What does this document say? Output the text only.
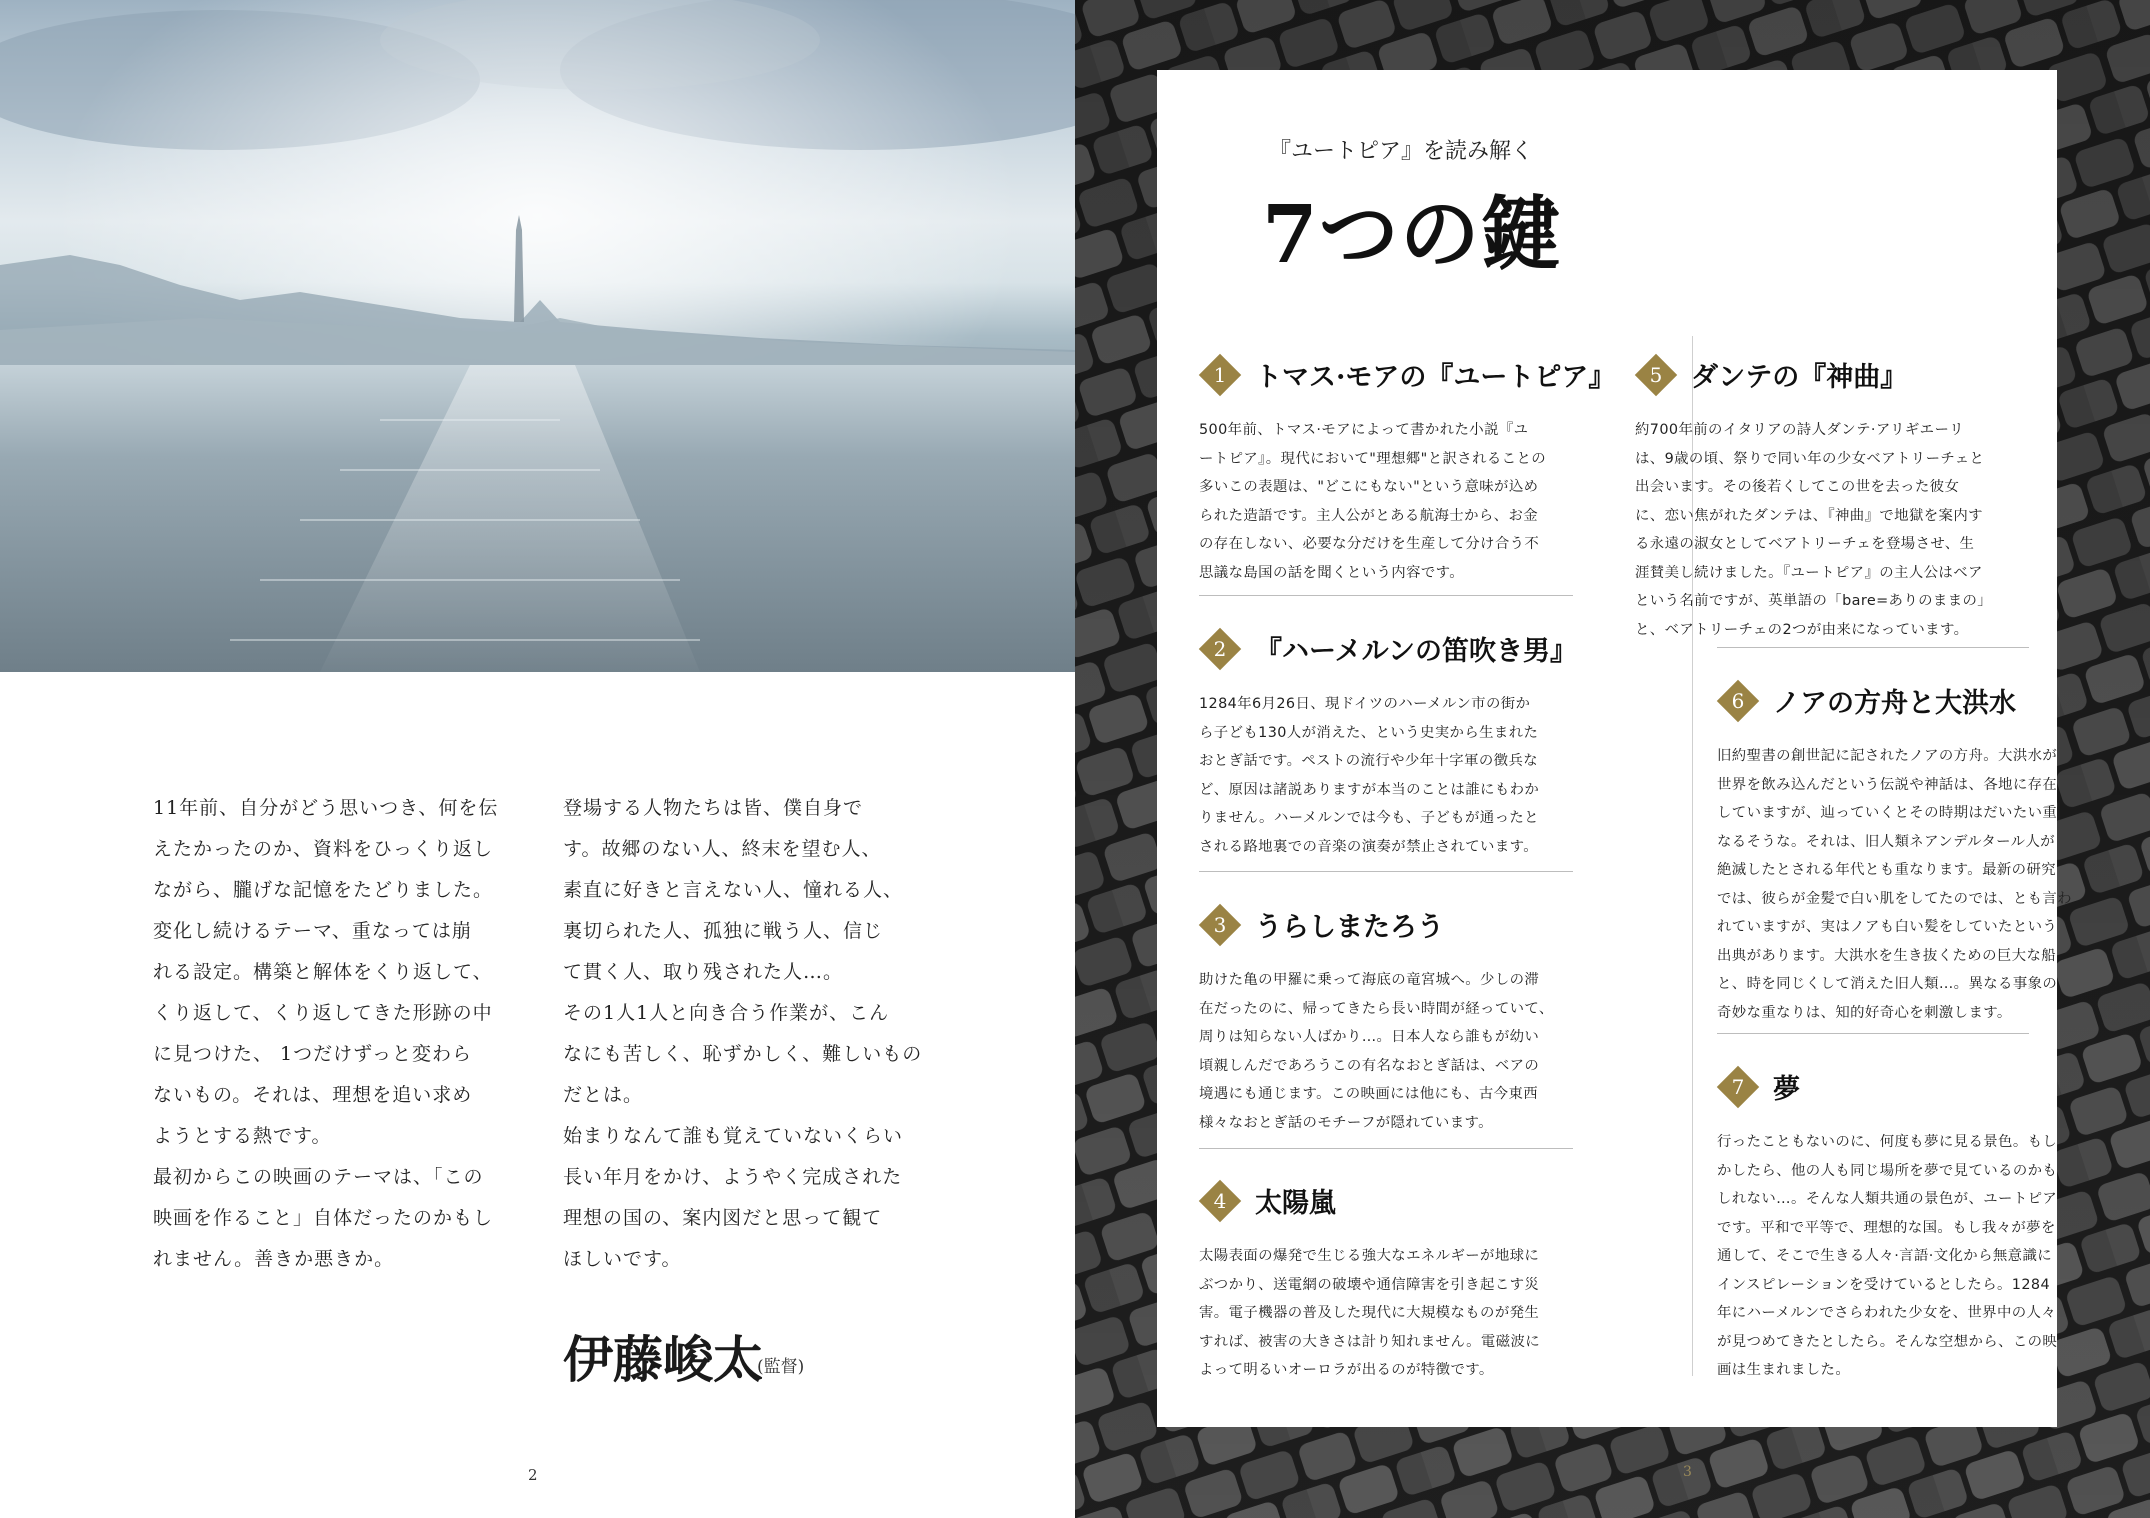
11年前、自分がどう思いつき、何を伝

えたかったのか、資料をひっくり返し

ながら、朧げな記憶をたどりました。

変化し続けるテーマ、重なっては崩

れる設定。構築と解体をくり返して、

くり返して、くり返してきた形跡の中

に見つけた、 1つだけずっと変わら

ないもの。それは、理想を追い求め

ようとする熱です。

最初からこの映画のテーマは、「この

映画を作ること」自体だったのかもし

れません。善きか悪きか。

登場する人物たちは皆、僕自身で

す。故郷のない人、終末を望む人、

素直に好きと言えない人、憧れる人、

裏切られた人、孤独に戦う人、信じ

て貫く人、取り残された人…。

その1人1人と向き合う作業が、こん

なにも苦しく、恥ずかしく、難しいもの

だとは。

始まりなんて誰も覚えていないくらい

長い年月をかけ、ようやく完成された

理想の国の、案内図だと思って観て

ほしいです。

伊藤峻太
(監督)
2
『ユートピア』を読み解く
7つの鍵
1	トマス·モアの『ユートピア』

500年前、トマス·モアによって書かれた小説『ユ

ートピア』。現代において"理想郷"と訳されることの

多いこの表題は、"どこにもない"という意味が込め

られた造語です。主人公がとある航海士から、お金

の存在しない、必要な分だけを生産して分け合う不

思議な島国の話を聞くという内容です。

2	『ハーメルンの笛吹き男』

1284年6月26日、現ドイツのハーメルン市の街か

ら子ども130人が消えた、という史実から生まれた

おとぎ話です。ペストの流行や少年十字軍の徴兵な

ど、原因は諸説ありますが本当のことは誰にもわか

りません。ハーメルンでは今も、子どもが通ったと

される路地裏での音楽の演奏が禁止されています。

3	うらしまたろう

助けた亀の甲羅に乗って海底の竜宮城へ。少しの滞

在だったのに、帰ってきたら長い時間が経っていて、

周りは知らない人ばかり…。日本人なら誰もが幼い

頃親しんだであろうこの有名なおとぎ話は、ベアの

境遇にも通じます。この映画には他にも、古今東西

様々なおとぎ話のモチーフが隠れています。

4	太陽嵐

太陽表面の爆発で生じる強大なエネルギーが地球に

ぶつかり、送電網の破壊や通信障害を引き起こす災

害。電子機器の普及した現代に大規模なものが発生

すれば、被害の大きさは計り知れません。電磁波に

よって明るいオーロラが出るのが特徴です。

5	ダンテの『神曲』

約700年前のイタリアの詩人ダンテ·アリギエーリ

は、9歳の頃、祭りで同い年の少女ベアトリーチェと

出会います。その後若くしてこの世を去った彼女

に、恋い焦がれたダンテは、『神曲』で地獄を案内す

る永遠の淑女としてベアトリーチェを登場させ、生

涯賛美し続けました。『ユートピア』の主人公はベア

という名前ですが、英単語の「bare=ありのままの」

と、ベアトリーチェの2つが由来になっています。

6	ノアの方舟と大洪水

旧約聖書の創世記に記されたノアの方舟。大洪水が

世界を飲み込んだという伝説や神話は、各地に存在

していますが、辿っていくとその時期はだいたい重

なるそうな。それは、旧人類ネアンデルタール人が

絶滅したとされる年代とも重なります。最新の研究

では、彼らが金髪で白い肌をしてたのでは、とも言わ

れていますが、実はノアも白い髪をしていたという

出典があります。大洪水を生き抜くための巨大な船

と、時を同じくして消えた旧人類…。異なる事象の

奇妙な重なりは、知的好奇心を刺激します。

7	夢

行ったこともないのに、何度も夢に見る景色。もし

かしたら、他の人も同じ場所を夢で見ているのかも

しれない…。そんな人類共通の景色が、ユートピア

です。平和で平等で、理想的な国。もし我々が夢を

通して、そこで生きる人々·言語·文化から無意識に

インスピレーションを受けているとしたら。1284

年にハーメルンでさらわれた少女を、世界中の人々

が見つめてきたとしたら。そんな空想から、この映

画は生まれました。

3
